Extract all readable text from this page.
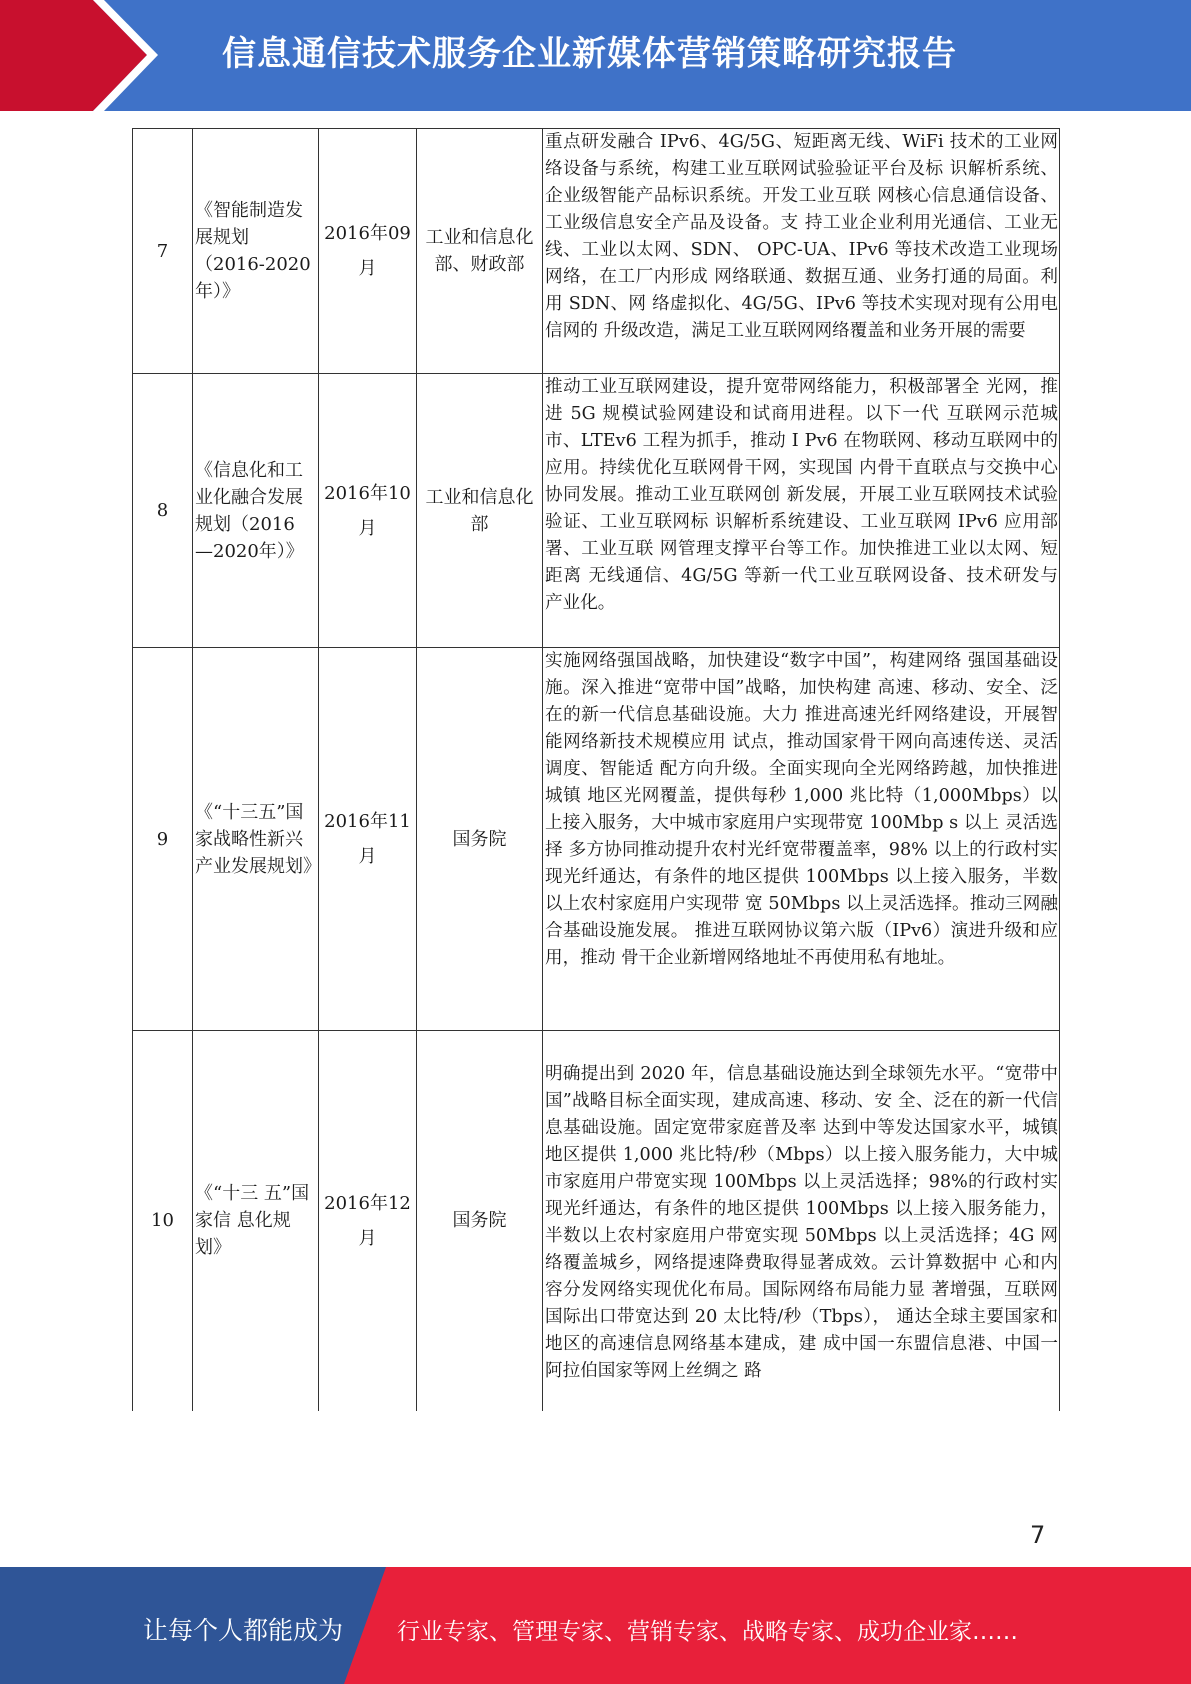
信息通信技术服务企业新媒体营销策略研究报告
7	《智能制造发展规划（2016-2020年）》	2016年09月	工业和信息化部、财政部	重点研发融合 IPv6、4G/5G、短距离无线、WiFi 技术的工业网络设备与系统，构建工业互联网试验验证平台及标 识解析系统、企业级智能产品标识系统。开发工业互联 网核心信息通信设备、工业级信息安全产品及设备。支 持工业企业利用光通信、工业无线、工业以太网、SDN、 OPC-UA、IPv6 等技术改造工业现场网络，在工厂内形成 网络联通、数据互通、业务打通的局面。利用 SDN、网 络虚拟化、4G/5G、IPv6 等技术实现对现有公用电信网的 升级改造，满足工业互联网网络覆盖和业务开展的需要
8	《信息化和工业化融合发展规划（2016 —2020年）》	2016年10月	工业和信息化部	推动工业互联网建设，提升宽带网络能力，积极部署全 光网，推进 5G 规模试验网建设和试商用进程。以下一代 互联网示范城市、LTEv6 工程为抓手，推动 I Pv6 在物联网、移动互联网中的应用。持续优化互联网骨干网，实现国 内骨干直联点与交换中心协同发展。推动工业互联网创 新发展，开展工业互联网技术试验验证、工业互联网标 识解析系统建设、工业互联网 IPv6 应用部署、工业互联 网管理支撑平台等工作。加快推进工业以太网、短距离 无线通信、4G/5G 等新一代工业互联网设备、技术研发与 产业化。
9	《“十三五”国家战略性新兴产业发展规划》	2016年11月	国务院	实施网络强国战略，加快建设“数字中国”，构建网络 强国基础设施。深入推进“宽带中国”战略，加快构建 高速、移动、安全、泛在的新一代信息基础设施。大力 推进高速光纤网络建设，开展智能网络新技术规模应用 试点，推动国家骨干网向高速传送、灵活调度、智能适 配方向升级。全面实现向全光网络跨越，加快推进城镇 地区光网覆盖，提供每秒 1,000 兆比特（1,000Mbps）以 上接入服务，大中城市家庭用户实现带宽 100Mbp s 以上 灵活选择 多方协同推动提升农村光纤宽带覆盖率，98% 以上的行政村实现光纤通达，有条件的地区提供 100Mbps 以上接入服务，半数以上农村家庭用户实现带 宽 50Mbps 以上灵活选择。推动三网融合基础设施发展。 推进互联网协议第六版（IPv6）演进升级和应用，推动 骨干企业新增网络地址不再使用私有地址。
10	《“十三 五”国家信 息化规划》	2016年12月	国务院	明确提出到 2020 年，信息基础设施达到全球领先水平。“宽带中国”战略目标全面实现，建成高速、移动、安 全、泛在的新一代信息基础设施。固定宽带家庭普及率 达到中等发达国家水平，城镇地区提供 1,000 兆比特/秒（Mbps）以上接入服务能力，大中城市家庭用户带宽实现 100Mbps 以上灵活选择；98%的行政村实现光纤通达，有条件的地区提供 100Mbps 以上接入服务能力，半数以上农村家庭用户带宽实现 50Mbps 以上灵活选择；4G 网络覆盖城乡，网络提速降费取得显著成效。云计算数据中 心和内容分发网络实现优化布局。国际网络布局能力显 著增强，互联网国际出口带宽达到 20 太比特/秒（Tbps）， 通达全球主要国家和地区的高速信息网络基本建成，建 成中国一东盟信息港、中国一阿拉伯国家等网上丝绸之 路
7
让每个人都能成为 行业专家、管理专家、营销专家、战略专家、成功企业家……
